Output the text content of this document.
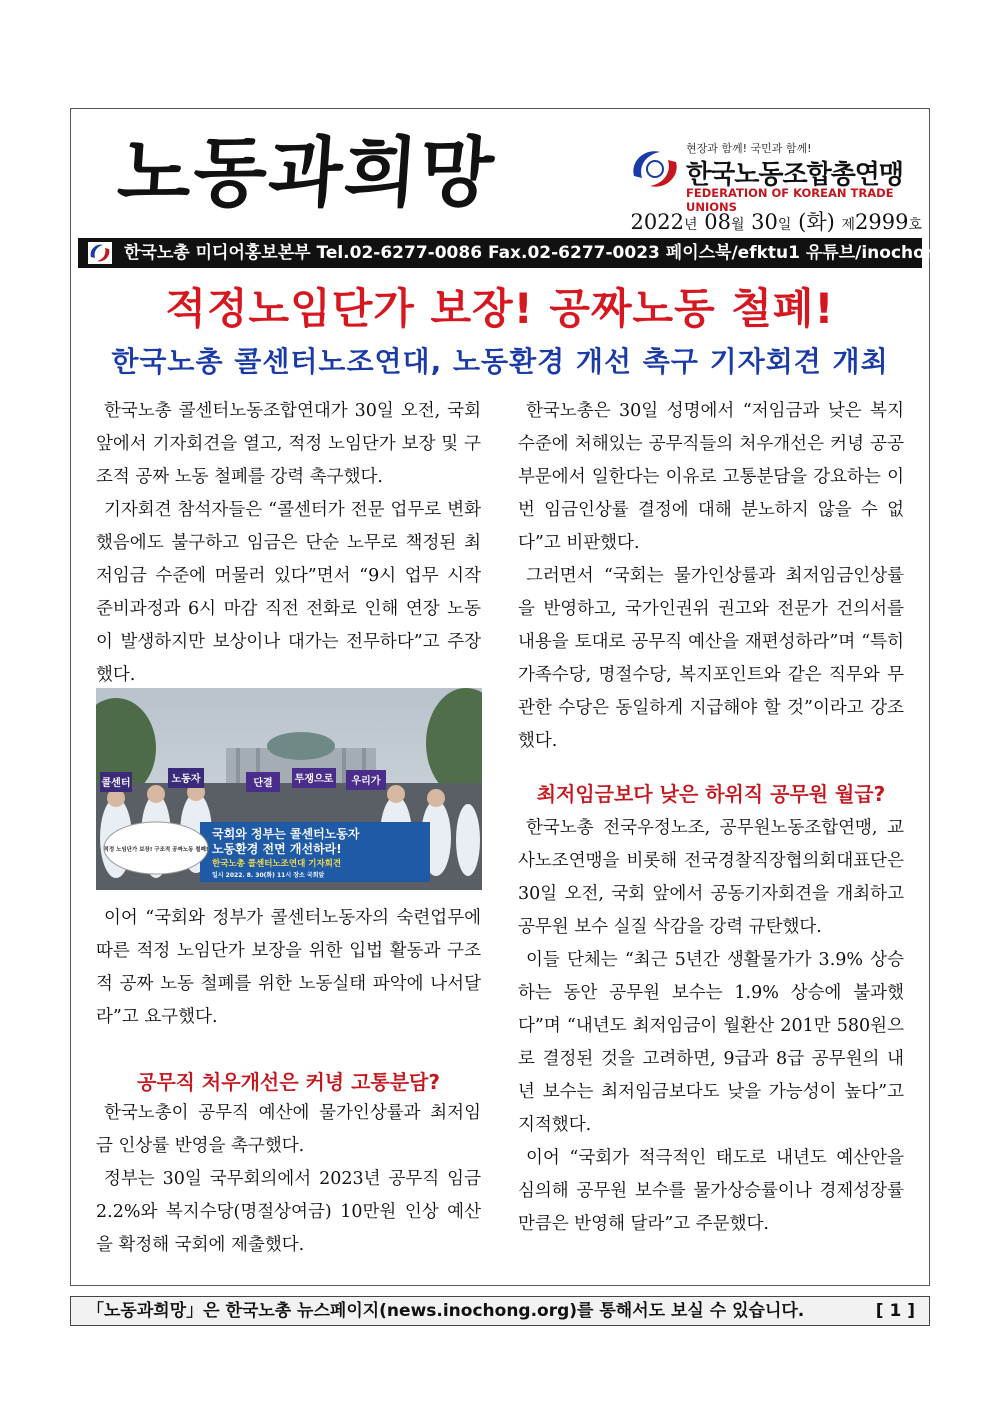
노동과희망	현장과 함께! 국민과 함께!
한국노동조합총연맹
FEDERATION OF KOREAN TRADE UNIONS
2022년 08월 30일 (화) 제2999호
한국노총 미디어홍보본부 Tel.02-6277-0086 Fax.02-6277-0023 페이스북/efktu1 유튜브/inochong
적정노임단가 보장! 공짜노동 철폐!
한국노총 콜센터노조연대, 노동환경 개선 촉구 기자회견 개최

한국노총 콜센터노동조합연대가 30일 오전, 국회 앞에서 기자회견을 열고, 적정 노임단가 보장 및 구조적 공짜 노동 철폐를 강력 촉구했다.

기자회견 참석자들은 “콜센터가 전문 업무로 변화했음에도 불구하고 임금은 단순 노무로 책정된 최저임금 수준에 머물러 있다”면서 “9시 업무 시작 준비과정과 6시 마감 직전 전화로 인해 연장 노동이 발생하지만 보상이나 대가는 전무하다”고 주장했다.

콜센터	노동자	단결 투쟁으로 우리가
국회와 정부는 콜센터노동자
노동환경 전면 개선하라!
한국노총 콜센터노조연대 기자회견
일시 2022. 8. 30(화) 11시 장소 국회앞
적정 노임단가 보장! 구조적 공짜노동 철폐!

이어 “국회와 정부가 콜센터노동자의 숙련업무에 따른 적정 노임단가 보장을 위한 입법 활동과 구조적 공짜 노동 철폐를 위한 노동실태 파악에 나서달라”고 요구했다.

공무직 처우개선은 커녕 고통분담?

한국노총이 공무직 예산에 물가인상률과 최저임금 인상률 반영을 촉구했다.

정부는 30일 국무회의에서 2023년 공무직 임금 2.2%와 복지수당(명절상여금) 10만원 인상 예산을 확정해 국회에 제출했다.

한국노총은 30일 성명에서 “저임금과 낮은 복지 수준에 처해있는 공무직들의 처우개선은 커녕 공공부문에서 일한다는 이유로 고통분담을 강요하는 이번 임금인상률 결정에 대해 분노하지 않을 수 없다”고 비판했다.

그러면서 “국회는 물가인상률과 최저임금인상률을 반영하고, 국가인권위 권고와 전문가 건의서를 내용을 토대로 공무직 예산을 재편성하라”며 “특히 가족수당, 명절수당, 복지포인트와 같은 직무와 무관한 수당은 동일하게 지급해야 할 것”이라고 강조했다.

최저임금보다 낮은 하위직 공무원 월급?

한국노총 전국우정노조, 공무원노동조합연맹, 교사노조연맹을 비롯해 전국경찰직장협의회대표단은 30일 오전, 국회 앞에서 공동기자회견을 개최하고 공무원 보수 실질 삭감을 강력 규탄했다.

이들 단체는 “최근 5년간 생활물가가 3.9% 상승하는 동안 공무원 보수는 1.9% 상승에 불과했다”며 “내년도 최저임금이 월환산 201만 580원으로 결정된 것을 고려하면, 9급과 8급 공무원의 내년 보수는 최저임금보다도 낮을 가능성이 높다”고 지적했다.

이어 “국회가 적극적인 태도로 내년도 예산안을 심의해 공무원 보수를 물가상승률이나 경제성장률만큼은 반영해 달라”고 주문했다.

「노동과희망」은 한국노총 뉴스페이지(news.inochong.org)를 통해서도 보실 수 있습니다.	[ 1 ]
